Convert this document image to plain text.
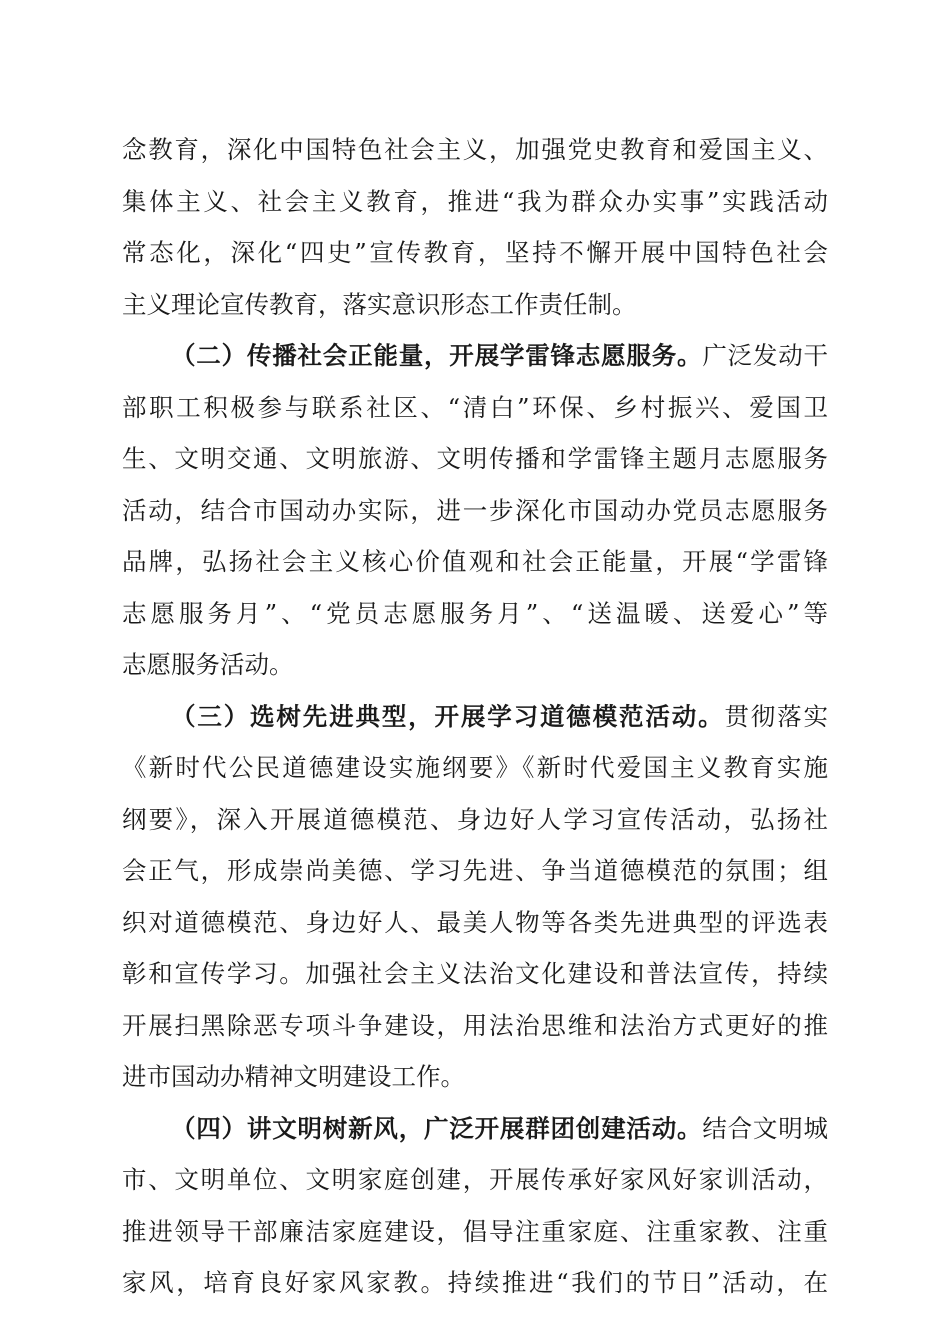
念教育，深化中国特色社会主义，加强党史教育和爱国主义、
集体主义、社会主义教育，推进“我为群众办实事”实践活动
常态化，深化“四史”宣传教育，坚持不懈开展中国特色社会
主义理论宣传教育，落实意识形态工作责任制。
（二）传播社会正能量，开展学雷锋志愿服务。广泛发动干
部职工积极参与联系社区、“清白”环保、乡村振兴、爱国卫
生、文明交通、文明旅游、文明传播和学雷锋主题月志愿服务
活动，结合市国动办实际，进一步深化市国动办党员志愿服务
品牌，弘扬社会主义核心价值观和社会正能量，开展“学雷锋
志愿服务月”、“党员志愿服务月”、“送温暖、送爱心”等
志愿服务活动。
（三）选树先进典型，开展学习道德模范活动。贯彻落实
《新时代公民道德建设实施纲要》《新时代爱国主义教育实施
纲要》，深入开展道德模范、身边好人学习宣传活动，弘扬社
会正气，形成崇尚美德、学习先进、争当道德模范的氛围；组
织对道德模范、身边好人、最美人物等各类先进典型的评选表
彰和宣传学习。加强社会主义法治文化建设和普法宣传，持续
开展扫黑除恶专项斗争建设，用法治思维和法治方式更好的推
进市国动办精神文明建设工作。
（四）讲文明树新风，广泛开展群团创建活动。结合文明城
市、文明单位、文明家庭创建，开展传承好家风好家训活动，
推进领导干部廉洁家庭建设，倡导注重家庭、注重家教、注重
家风，培育良好家风家教。持续推进“我们的节日”活动，在
